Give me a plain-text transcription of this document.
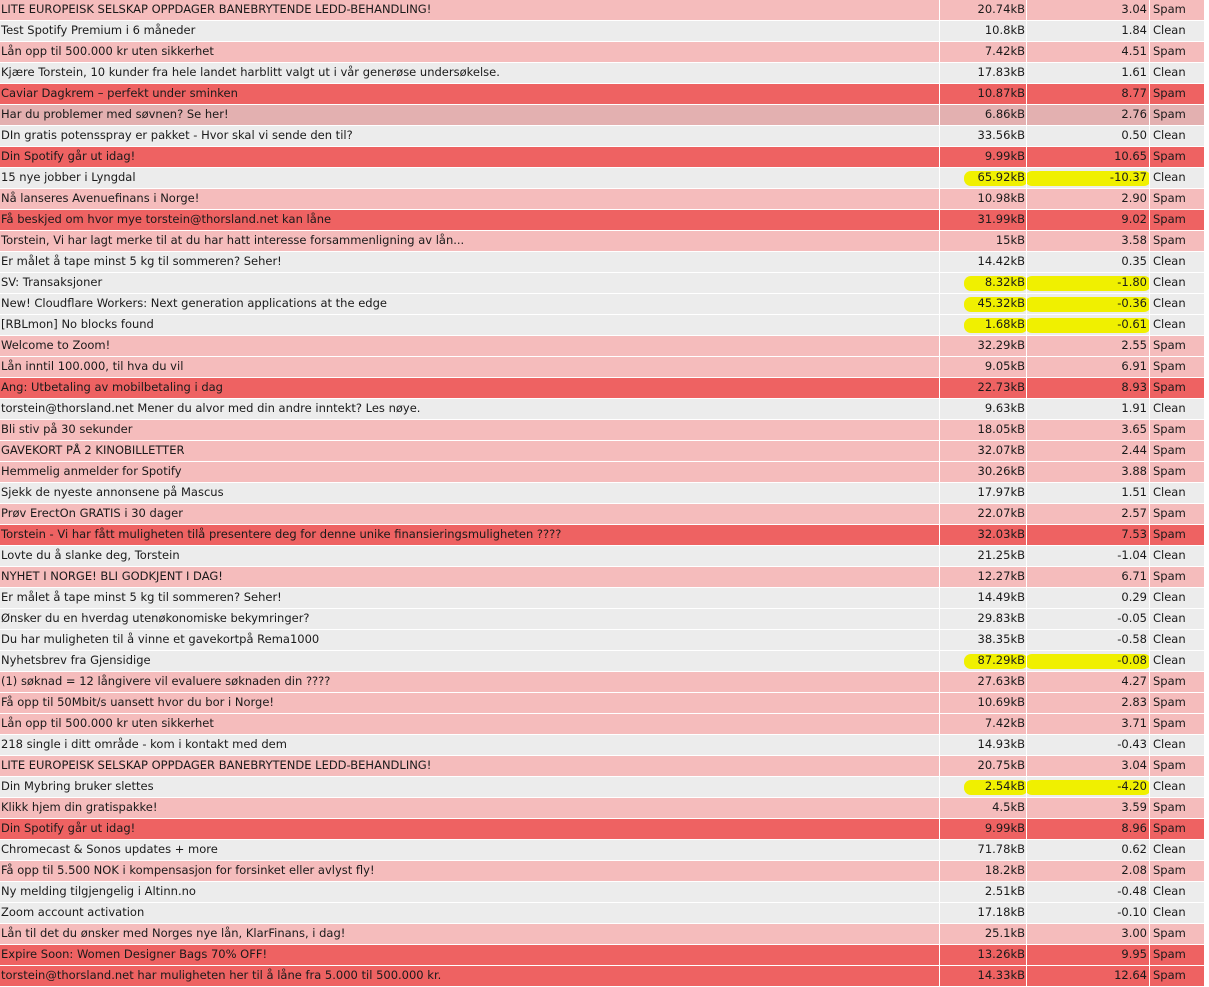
LITE EUROPEISK SELSKAP OPPDAGER BANEBRYTENDE LEDD-BEHANDLING!	20.74kB	3.04 Spam
Test Spotify Premium i 6 måneder	10.8kB	1.84 Clean
Lån opp til 500.000 kr uten sikkerhet	7.42kB	4.51 Spam
Kjære Torstein, 10 kunder fra hele landet harblitt valgt ut i vår generøse undersøkelse.	17.83kB	1.61 Clean
Caviar Dagkrem – perfekt under sminken	10.87kB	8.77 Spam
Har du problemer med søvnen? Se her!	6.86kB	2.76 Spam
DIn gratis potensspray er pakket - Hvor skal vi sende den til?	33.56kB	0.50 Clean
Din Spotify går ut idag!	9.99kB	10.65 Spam
15 nye jobber i Lyngdal	65.92kB	-10.37 Clean
Nå lanseres Avenuefinans i Norge!	10.98kB	2.90 Spam
Få beskjed om hvor mye torstein@thorsland.net kan låne	31.99kB	9.02 Spam
Torstein, Vi har lagt merke til at du har hatt interesse forsammenligning av lån...	15kB	3.58 Spam
Er målet å tape minst 5 kg til sommeren? Seher!	14.42kB	0.35 Clean
SV: Transaksjoner	8.32kB	-1.80 Clean
New! Cloudflare Workers: Next generation applications at the edge	45.32kB	-0.36 Clean
[RBLmon] No blocks found	1.68kB	-0.61 Clean
Welcome to Zoom!	32.29kB	2.55 Spam
Lån inntil 100.000, til hva du vil	9.05kB	6.91 Spam
Ang: Utbetaling av mobilbetaling i dag	22.73kB	8.93 Spam
torstein@thorsland.net Mener du alvor med din andre inntekt? Les nøye.	9.63kB	1.91 Clean
Bli stiv på 30 sekunder	18.05kB	3.65 Spam
GAVEKORT PÅ 2 KINOBILLETTER	32.07kB	2.44 Spam
Hemmelig anmelder for Spotify	30.26kB	3.88 Spam
Sjekk de nyeste annonsene på Mascus	17.97kB	1.51 Clean
Prøv ErectOn GRATIS i 30 dager	22.07kB	2.57 Spam
Torstein - Vi har fått muligheten tilå presentere deg for denne unike finansieringsmuligheten ????	32.03kB	7.53 Spam
Lovte du å slanke deg, Torstein	21.25kB	-1.04 Clean
NYHET I NORGE! BLI GODKJENT I DAG!	12.27kB	6.71 Spam
Er målet å tape minst 5 kg til sommeren? Seher!	14.49kB	0.29 Clean
Ønsker du en hverdag utenøkonomiske bekymringer?	29.83kB	-0.05 Clean
Du har muligheten til å vinne et gavekortpå Rema1000	38.35kB	-0.58 Clean
Nyhetsbrev fra Gjensidige	87.29kB	-0.08 Clean
(1) søknad = 12 långivere vil evaluere søknaden din ????	27.63kB	4.27 Spam
Få opp til 50Mbit/s uansett hvor du bor i Norge!	10.69kB	2.83 Spam
Lån opp til 500.000 kr uten sikkerhet	7.42kB	3.71 Spam
218 single i ditt område - kom i kontakt med dem	14.93kB	-0.43 Clean
LITE EUROPEISK SELSKAP OPPDAGER BANEBRYTENDE LEDD-BEHANDLING!	20.75kB	3.04 Spam
Din Mybring bruker slettes	2.54kB	-4.20 Clean
Klikk hjem din gratispakke!	4.5kB	3.59 Spam
Din Spotify går ut idag!	9.99kB	8.96 Spam
Chromecast & Sonos updates + more	71.78kB	0.62 Clean
Få opp til 5.500 NOK i kompensasjon for forsinket eller avlyst fly!	18.2kB	2.08 Spam
Ny melding tilgjengelig i Altinn.no	2.51kB	-0.48 Clean
Zoom account activation	17.18kB	-0.10 Clean
Lån til det du ønsker med Norges nye lån, KlarFinans, i dag!	25.1kB	3.00 Spam
Expire Soon: Women Designer Bags 70% OFF!	13.26kB	9.95 Spam
torstein@thorsland.net har muligheten her til å låne fra 5.000 til 500.000 kr.	14.33kB	12.64 Spam
